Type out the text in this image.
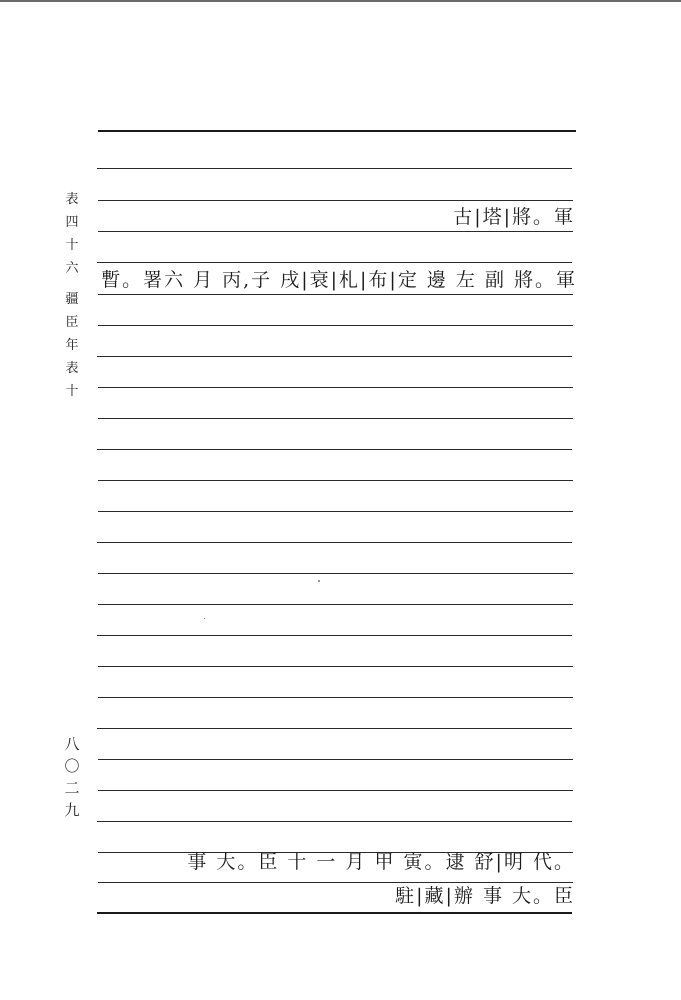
表
四
十
六
疆
臣
年
表
十
八
〇
二
九
古|塔|將。軍
暫。署六 月 丙,子 戌|衰|札|布|定 邊 左 副 將。軍
事 大。臣 十 一 月 甲 寅。逮 舒|明 代。
駐|藏|辦 事 大。臣
